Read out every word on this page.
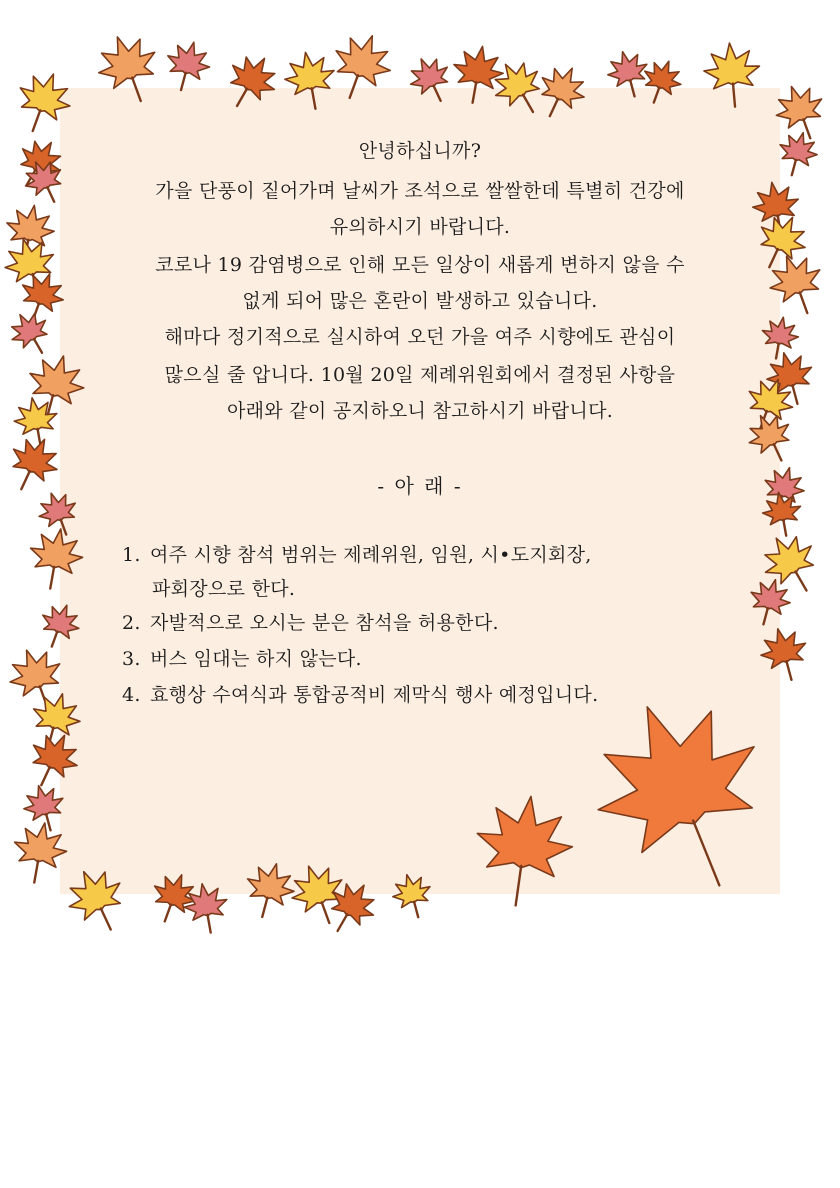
안녕하십니까?
가을 단풍이 짙어가며 날씨가 조석으로 쌀쌀한데 특별히 건강에
유의하시기 바랍니다.
코로나 19 감염병으로 인해 모든 일상이 새롭게 변하지 않을 수
없게 되어 많은 혼란이 발생하고 있습니다.
해마다 정기적으로 실시하여 오던 가을 여주 시향에도 관심이
많으실 줄 압니다. 10월 20일 제례위원회에서 결정된 사항을
아래와 같이 공지하오니 참고하시기 바랍니다.
- 아 래 -
1. 여주 시향 참석 범위는 제례위원, 임원, 시•도지회장,
파회장으로 한다.
2. 자발적으로 오시는 분은 참석을 허용한다.
3. 버스 임대는 하지 않는다.
4. 효행상 수여식과 통합공적비 제막식 행사 예정입니다.
